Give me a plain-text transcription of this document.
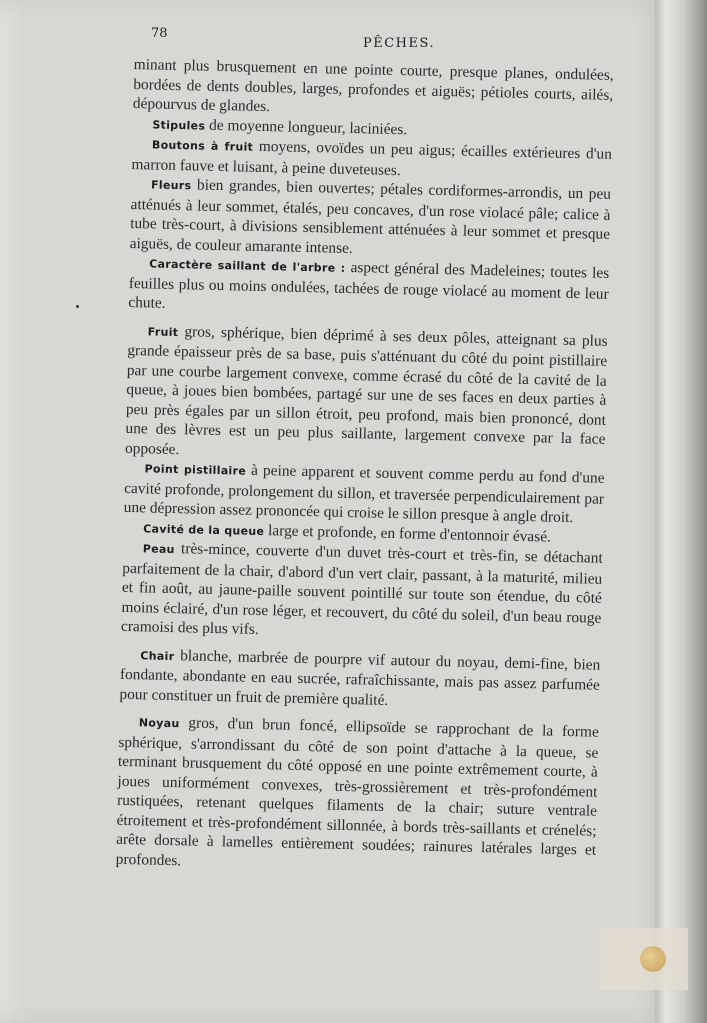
78
PÊCHES.

minant plus brusquement en une pointe courte, presque planes, ondulées, bordées de dents doubles, larges, profondes et aiguës; pétioles courts, ailés, dépourvus de glandes.

Stipules de moyenne longueur, laciniées.

Boutons à fruit moyens, ovoïdes un peu aigus; écailles extérieures d'un marron fauve et luisant, à peine duveteuses.

Fleurs bien grandes, bien ouvertes; pétales cordiformes-arrondis, un peu atténués à leur sommet, étalés, peu concaves, d'un rose violacé pâle; calice à tube très-court, à divisions sensiblement atténuées à leur sommet et presque aiguës, de couleur amarante intense.

Caractère saillant de l'arbre : aspect général des Madeleines; toutes les feuilles plus ou moins ondulées, tachées de rouge violacé au moment de leur chute.

Fruit gros, sphérique, bien déprimé à ses deux pôles, atteignant sa plus grande épaisseur près de sa base, puis s'atténuant du côté du point pistillaire par une courbe largement convexe, comme écrasé du côté de la cavité de la queue, à joues bien bombées, partagé sur une de ses faces en deux parties à peu près égales par un sillon étroit, peu profond, mais bien prononcé, dont une des lèvres est un peu plus saillante, largement convexe par la face opposée.

Point pistillaire à peine apparent et souvent comme perdu au fond d'une cavité profonde, prolongement du sillon, et traversée perpendiculairement par une dépression assez prononcée qui croise le sillon presque à angle droit.

Cavité de la queue large et profonde, en forme d'entonnoir évasé.

Peau très-mince, couverte d'un duvet très-court et très-fin, se détachant parfaitement de la chair, d'abord d'un vert clair, passant, à la maturité, milieu et fin août, au jaune-paille souvent pointillé sur toute son étendue, du côté moins éclairé, d'un rose léger, et recouvert, du côté du soleil, d'un beau rouge cramoisi des plus vifs.

Chair blanche, marbrée de pourpre vif autour du noyau, demi-fine, bien fondante, abondante en eau sucrée, rafraîchissante, mais pas assez parfumée pour constituer un fruit de première qualité.

Noyau gros, d'un brun foncé, ellipsoïde se rapprochant de la forme sphérique, s'arrondissant du côté de son point d'attache à la queue, se terminant brusquement du côté opposé en une pointe extrêmement courte, à joues uniformément convexes, très-grossièrement et très-profondément rustiquées, retenant quelques filaments de la chair; suture ventrale étroitement et très-profondément sillonnée, à bords très-saillants et crénelés; arête dorsale à lamelles entièrement soudées; rainures latérales larges et profondes.
